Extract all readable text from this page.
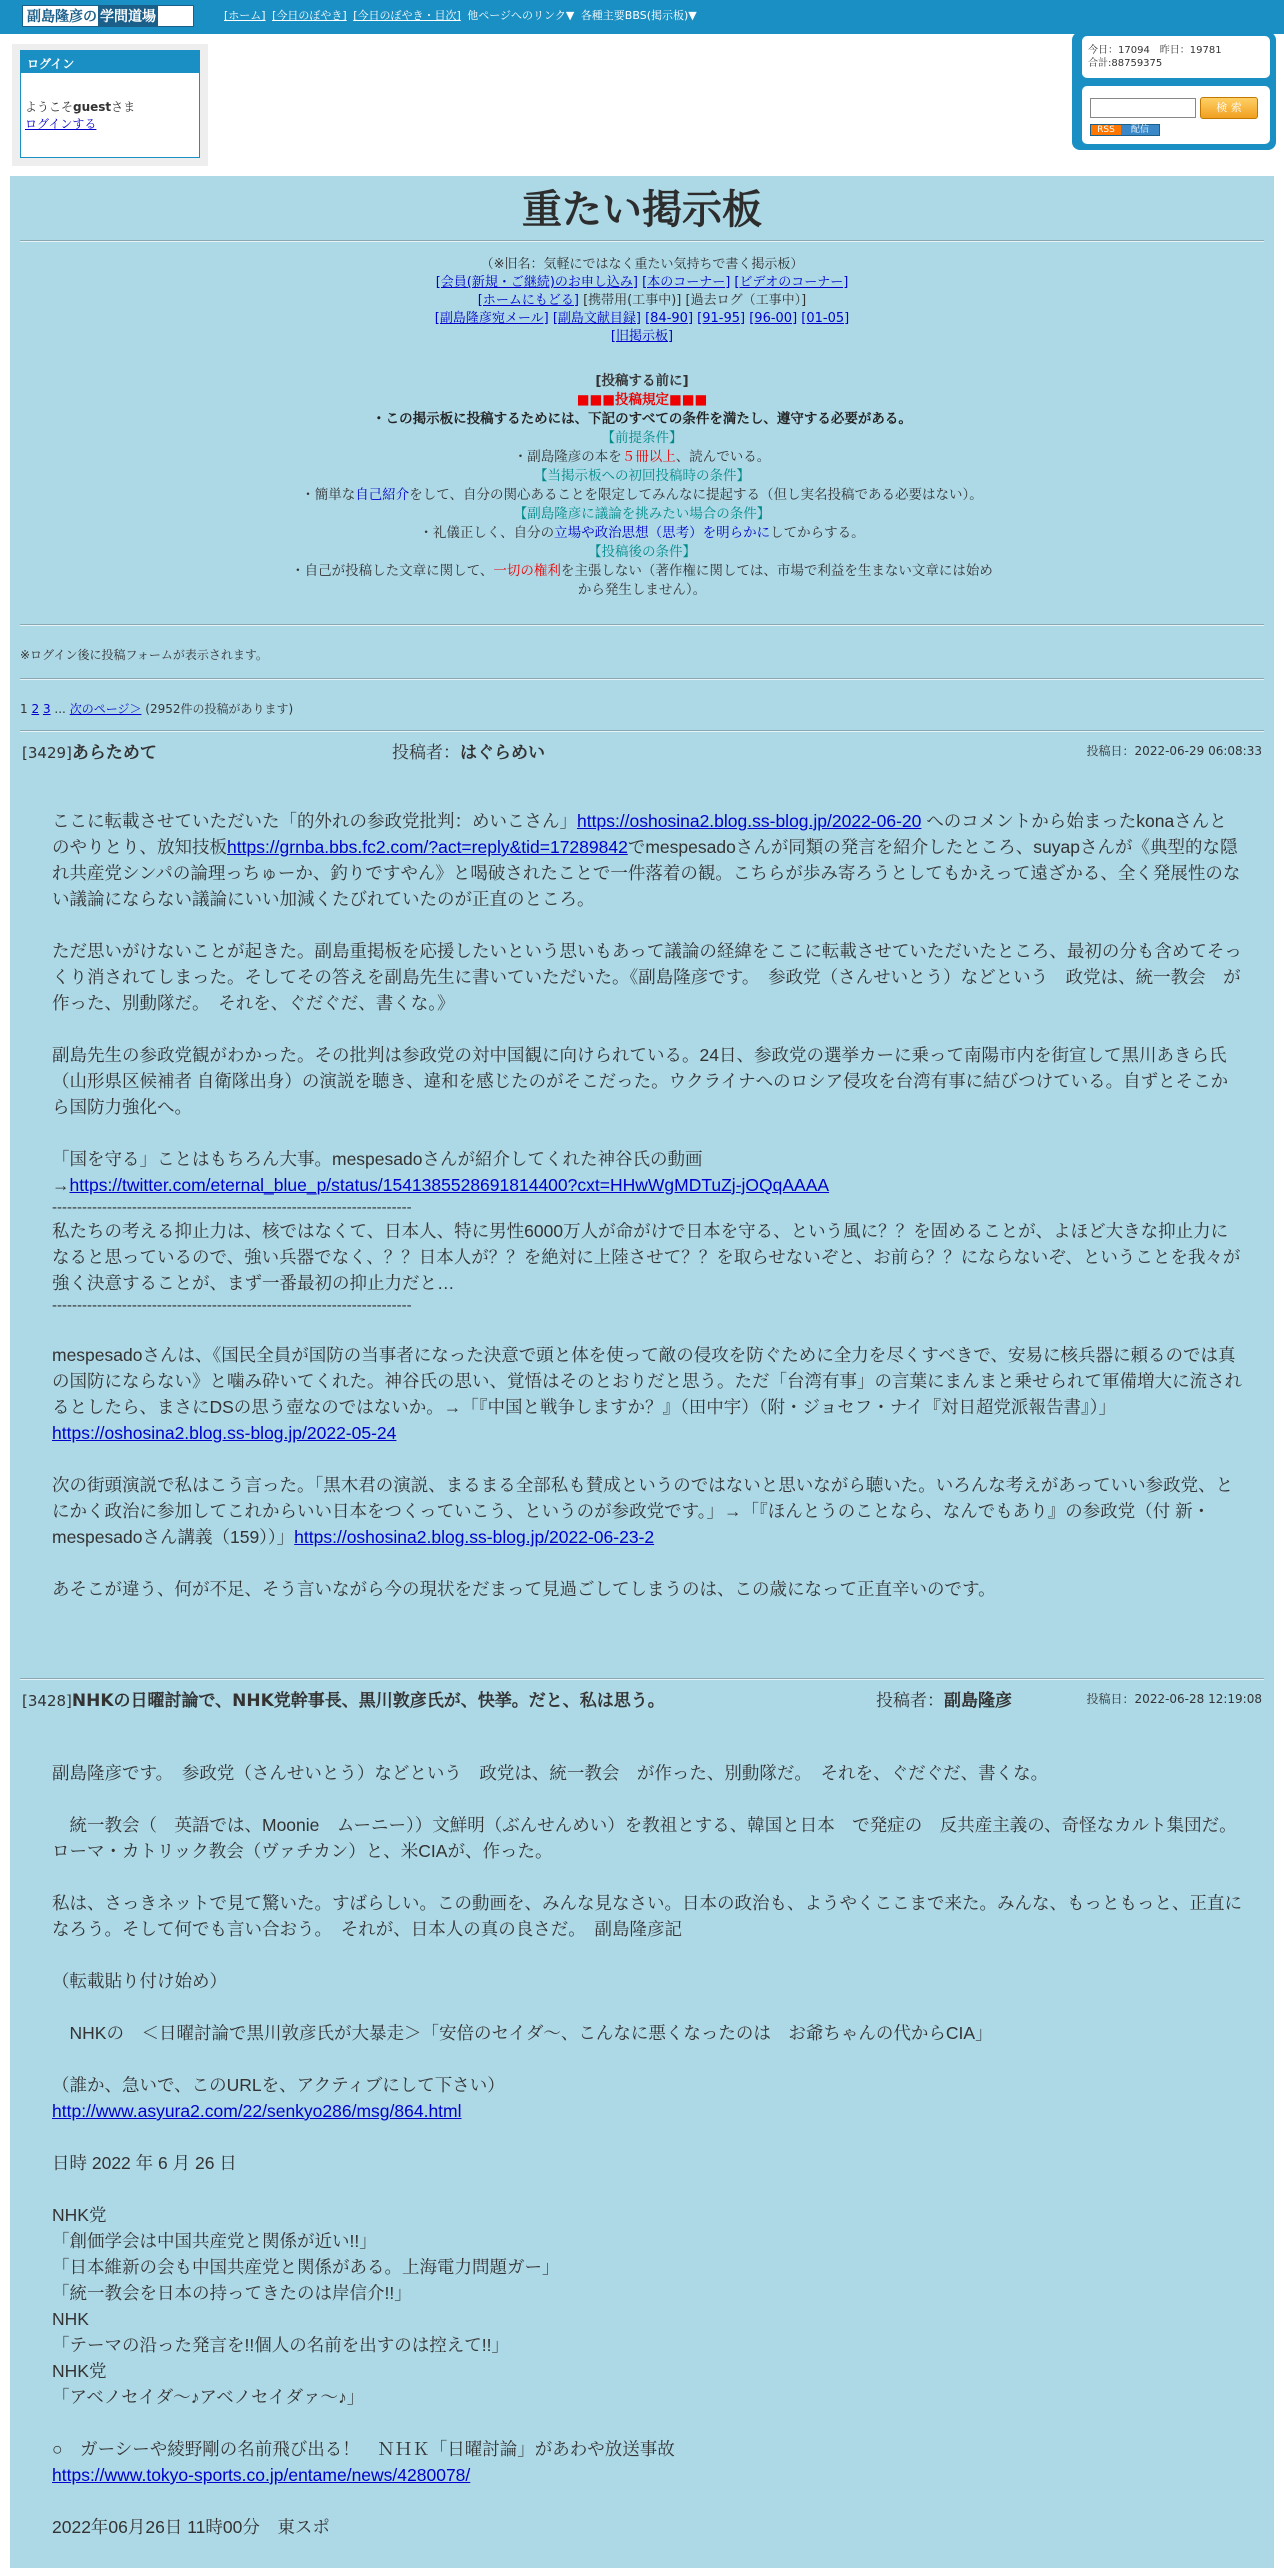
副島隆彦の 学問道場	[ホーム] [今日のぼやき] [今日のぼやき・目次] 他ページへのリンク▼ 各種主要BBS(掲示板)▼
ログイン
ようこそguestさま
ログインする
今日：17094　昨日：19781
合計:88759375
検 索
RSS	配信
重たい掲示板
（※旧名：気軽にではなく重たい気持ちで書く掲示板）
[会員(新規・ご継続)のお申し込み] [本のコーナー] [ビデオのコーナー]
[ホームにもどる] [携帯用(工事中)] [過去ログ（工事中）]
[副島隆彦宛メール] [副島文献目録] [84-90] [91-95] [96-00] [01-05]
[旧掲示板]
[投稿する前に]
■■■投稿規定■■■
・この掲示板に投稿するためには、下記のすべての条件を満たし、遵守する必要がある。
【前提条件】
・副島隆彦の本を５冊以上、読んでいる。
【当掲示板への初回投稿時の条件】
・簡単な自己紹介をして、自分の関心あることを限定してみんなに提起する（但し実名投稿である必要はない）。
【副島隆彦に議論を挑みたい場合の条件】
・礼儀正しく、自分の立場や政治思想（思考）を明らかにしてからする。
【投稿後の条件】
・自己が投稿した文章に関して、一切の権利を主張しない（著作権に関しては、市場で利益を生まない文章には始め
から発生しません）。
※ログイン後に投稿フォームが表示されます。
1 2 3 ... 次のページ＞ (2952件の投稿があります)
[3429]あらためて	投稿者：はぐらめい	投稿日：2022-06-29 06:08:33

ここに転載させていただいた「的外れの参政党批判：めいこさん」https://oshosina2.blog.ss-blog.jp/2022-06-20 へのコメントから始まったkonaさんとのやりとり、放知技板https://grnba.bbs.fc2.com/?act=reply&tid=17289842でmespesadoさんが同類の発言を紹介したところ、suyapさんが《典型的な隠れ共産党シンパの論理っちゅーか、釣りですやん》と喝破されたことで一件落着の観。こちらが歩み寄ろうとしてもかえって遠ざかる、全く発展性のない議論にならない議論にいい加減くたびれていたのが正直のところ。

ただ思いがけないことが起きた。副島重掲板を応援したいという思いもあって議論の経緯をここに転載させていただいたところ、最初の分も含めてそっくり消されてしまった。そしてその答えを副島先生に書いていただいた。《副島隆彦です。　参政党（さんせいとう）などという　政党は、統一教会　が作った、別動隊だ。　それを、ぐだぐだ、書くな。》

副島先生の参政党観がわかった。その批判は参政党の対中国観に向けられている。24日、参政党の選挙カーに乗って南陽市内を街宣して黒川あきら氏（山形県区候補者 自衛隊出身）の演説を聴き、違和を感じたのがそこだった。ウクライナへのロシア侵攻を台湾有事に結びつけている。自ずとそこから国防力強化へ。

「国を守る」ことはもちろん大事。mespesadoさんが紹介してくれた神谷氏の動画
→https://twitter.com/eternal_blue_p/status/1541385528691814400?cxt=HHwWgMDTuZj-jOQqAAAA

------------------------------------------------------------------------

私たちの考える抑止力は、核ではなくて、日本人、特に男性6000万人が命がけで日本を守る、という風に？？を固めることが、よほど大きな抑止力になると思っているので、強い兵器でなく、？？日本人が？？を絶対に上陸させて？？を取らせないぞと、お前ら？？にならないぞ、ということを我々が強く決意することが、まず一番最初の抑止力だと…

------------------------------------------------------------------------

mespesadoさんは、《国民全員が国防の当事者になった決意で頭と体を使って敵の侵攻を防ぐために全力を尽くすべきで、安易に核兵器に頼るのでは真の国防にならない》と噛み砕いてくれた。神谷氏の思い、覚悟はそのとおりだと思う。ただ「台湾有事」の言葉にまんまと乗せられて軍備増大に流されるとしたら、まさにDSの思う壺なのではないか。→「『中国と戦争しますか？』（田中宇）（附・ジョセフ・ナイ『対日超党派報告書』）」https://oshosina2.blog.ss-blog.jp/2022-05-24

次の街頭演説で私はこう言った。「黒木君の演説、まるまる全部私も賛成というのではないと思いながら聴いた。いろんな考えがあっていい参政党、とにかく政治に参加してこれからいい日本をつくっていこう、というのが参政党です。」→「『ほんとうのことなら、なんでもあり』の参政党（付 新・mespesadoさん講義（159））」https://oshosina2.blog.ss-blog.jp/2022-06-23-2

あそこが違う、何が不足、そう言いながら今の現状をだまって見過ごしてしまうのは、この歳になって正直辛いのです。

[3428]NHKの日曜討論で、NHK党幹事長、黒川敦彦氏が、快挙。だと、私は思う。	投稿者：副島隆彦	投稿日：2022-06-28 12:19:08

副島隆彦です。　参政党（さんせいとう）などという　政党は、統一教会　が作った、別動隊だ。　それを、ぐだぐだ、書くな。

　統一教会（　英語では、Moonie　ムーニー））文鮮明（ぶんせんめい）を教祖とする、韓国と日本　で発症の　反共産主義の、奇怪なカルト集団だ。ローマ・カトリック教会（ヴァチカン）と、米CIAが、作った。

私は、さっきネットで見て驚いた。すばらしい。この動画を、みんな見なさい。日本の政治も、ようやくここまで来た。みんな、もっともっと、正直になろう。そして何でも言い合おう。　それが、日本人の真の良さだ。　副島隆彦記

（転載貼り付け始め）

　NHKの　＜日曜討論で黒川敦彦氏が大暴走＞「安倍のセイダ～、こんなに悪くなったのは　お爺ちゃんの代からCIA」

（誰か、急いで、このURLを、アクティブにして下さい）
http://www.asyura2.com/22/senkyo286/msg/864.html

日時 2022 年 6 月 26 日

NHK党
「創価学会は中国共産党と関係が近い!!」
「日本維新の会も中国共産党と関係がある。上海電力問題ガー」
「統一教会を日本の持ってきたのは岸信介!!」
NHK
「テーマの沿った発言を!!個人の名前を出すのは控えて!!」
NHK党
「アベノセイダ～♪アベノセイダァ～♪」

○　ガーシーや綾野剛の名前飛び出る！　ＮＨＫ「日曜討論」があわや放送事故
https://www.tokyo-sports.co.jp/entame/news/4280078/

2022年06月26日 11時00分　東スポ
